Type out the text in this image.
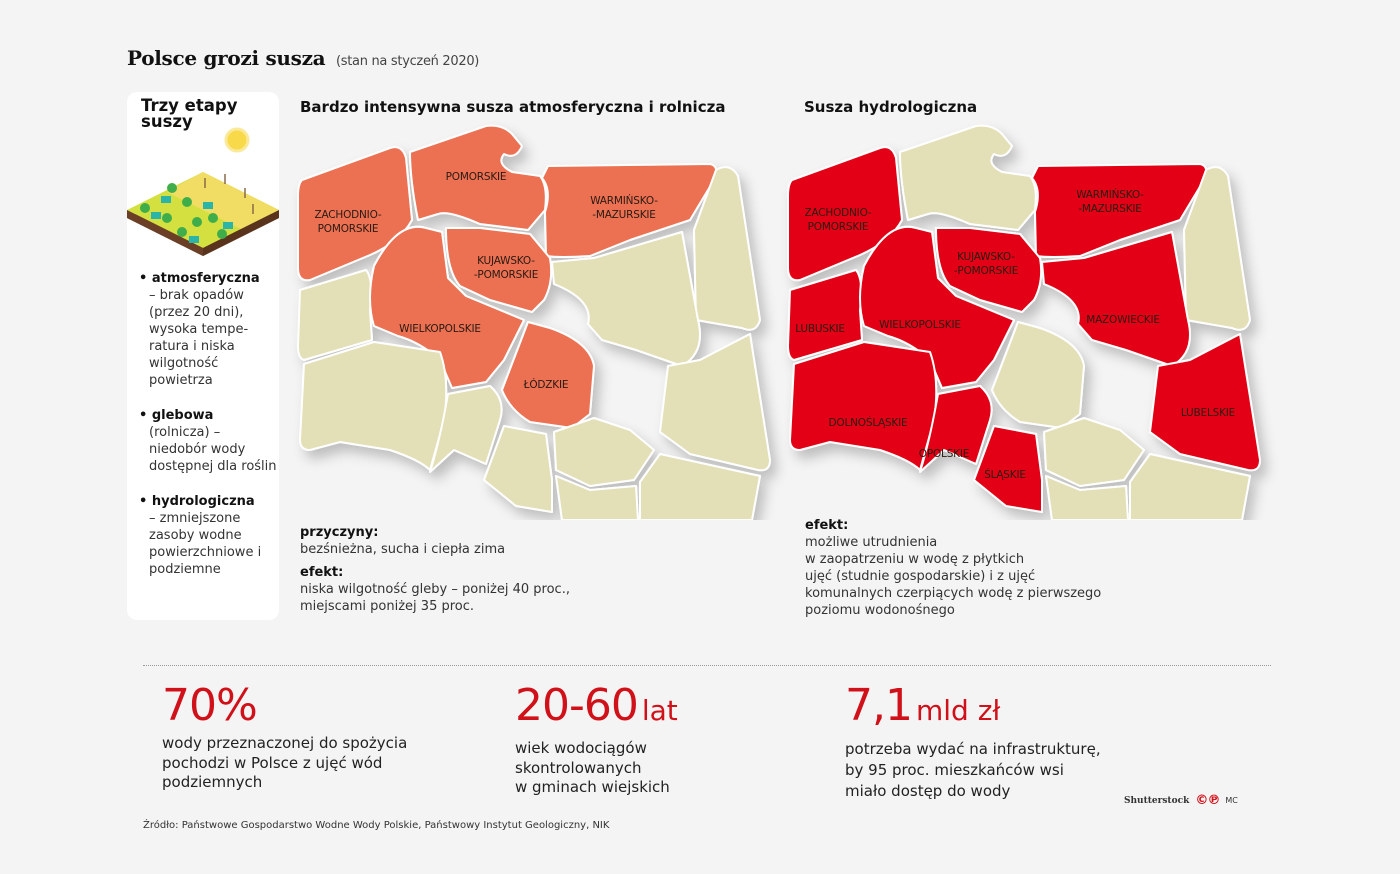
Polsce grozi susza (stan na styczeń 2020)
Trzy etapy suszy
• atmosferyczna
– brak opadów (przez 20 dni), wysoka tempe-ratura i niska wilgotność powietrza
• glebowa
(rolnicza) – niedobór wody dostępnej dla roślin
• hydrologiczna
– zmniejszone zasoby wodne powierzchniowe i podziemne
Bardzo intensywna susza atmosferyczna i rolnicza
ZACHODNIO-
POMORSKIE
POMORSKIE
WARMIŃSKO-
-MAZURSKIE
KUJAWSKO-
-POMORSKIE
WIELKOPOLSKIE
ŁÓDZKIE
przyczyny:
bezśnieżna, sucha i ciepła zima
efekt:
niska wilgotność gleby – poniżej 40 proc.,
miejscami poniżej 35 proc.
Susza hydrologiczna
ZACHODNIO-
POMORSKIE
WARMIŃSKO-
-MAZURSKIE
KUJAWSKO-
-POMORSKIE
LUBUSKIE	WIELKOPOLSKIE	MAZOWIECKIE
DOLNOŚLĄSKIE
OPOLSKIE
ŚLĄSKIE
LUBELSKIE
efekt:
możliwe utrudnienia
w zaopatrzeniu w wodę z płytkich
ujęć (studnie gospodarskie) i z ujęć
komunalnych czerpiących wodę z pierwszego
poziomu wodonośnego
70%
wody przeznaczonej do spożycia
pochodzi w Polsce z ujęć wód
podziemnych
20-60 lat
wiek wodociągów
skontrolowanych
w gminach wiejskich
7,1 mld zł
potrzeba wydać na infrastrukturę,
by 95 proc. mieszkańców wsi
miało dostęp do wody
Źródło: Państwowe Gospodarstwo Wodne Wody Polskie, Państwowy Instytut Geologiczny, NIK
Shutterstock ©℗ MC
